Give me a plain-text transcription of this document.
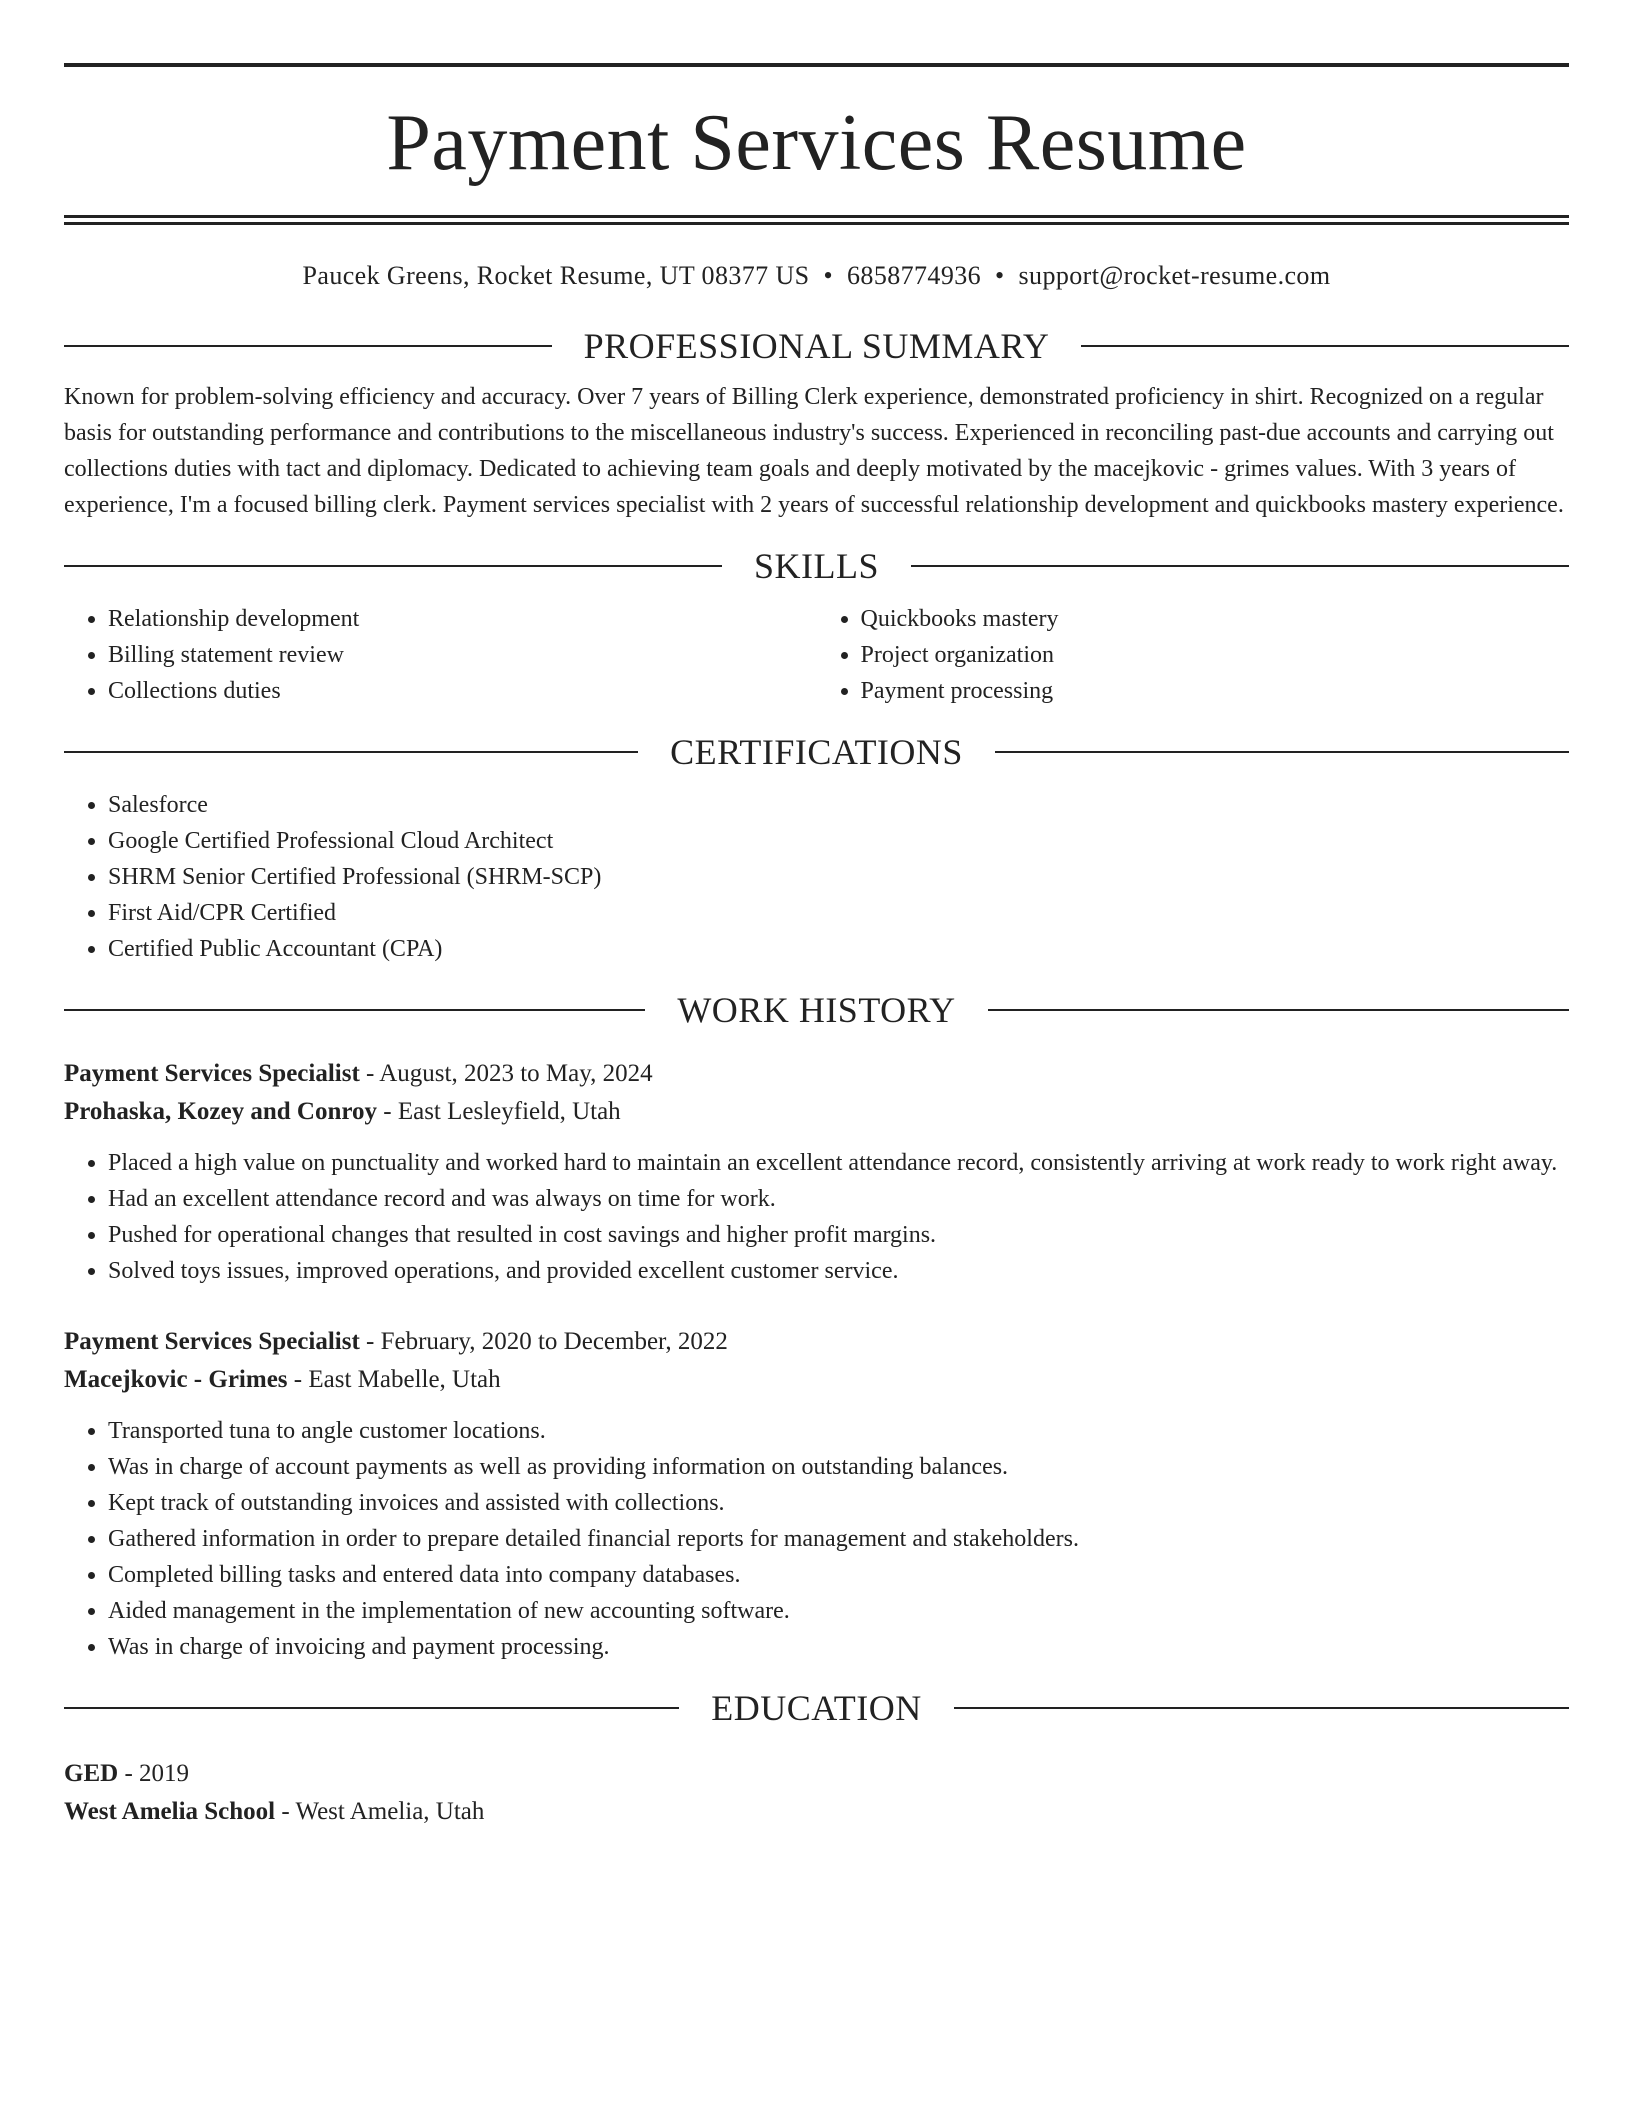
Payment Services Resume
Paucek Greens, Rocket Resume, UT 08377 US • 6858774936 • support@rocket-resume.com
PROFESSIONAL SUMMARY
Known for problem-solving efficiency and accuracy. Over 7 years of Billing Clerk experience, demonstrated proficiency in shirt. Recognized on a regular basis for outstanding performance and contributions to the miscellaneous industry's success. Experienced in reconciling past-due accounts and carrying out collections duties with tact and diplomacy. Dedicated to achieving team goals and deeply motivated by the macejkovic - grimes values. With 3 years of experience, I'm a focused billing clerk. Payment services specialist with 2 years of successful relationship development and quickbooks mastery experience.
SKILLS
• Relationship development
• Billing statement review
• Collections duties
• Quickbooks mastery
• Project organization
• Payment processing
CERTIFICATIONS
• Salesforce
• Google Certified Professional Cloud Architect
• SHRM Senior Certified Professional (SHRM-SCP)
• First Aid/CPR Certified
• Certified Public Accountant (CPA)
WORK HISTORY
Payment Services Specialist - August, 2023 to May, 2024
Prohaska, Kozey and Conroy - East Lesleyfield, Utah
• Placed a high value on punctuality and worked hard to maintain an excellent attendance record, consistently arriving at work ready to work right away.
• Had an excellent attendance record and was always on time for work.
• Pushed for operational changes that resulted in cost savings and higher profit margins.
• Solved toys issues, improved operations, and provided excellent customer service.
Payment Services Specialist - February, 2020 to December, 2022
Macejkovic - Grimes - East Mabelle, Utah
• Transported tuna to angle customer locations.
• Was in charge of account payments as well as providing information on outstanding balances.
• Kept track of outstanding invoices and assisted with collections.
• Gathered information in order to prepare detailed financial reports for management and stakeholders.
• Completed billing tasks and entered data into company databases.
• Aided management in the implementation of new accounting software.
• Was in charge of invoicing and payment processing.
EDUCATION
GED - 2019
West Amelia School - West Amelia, Utah
